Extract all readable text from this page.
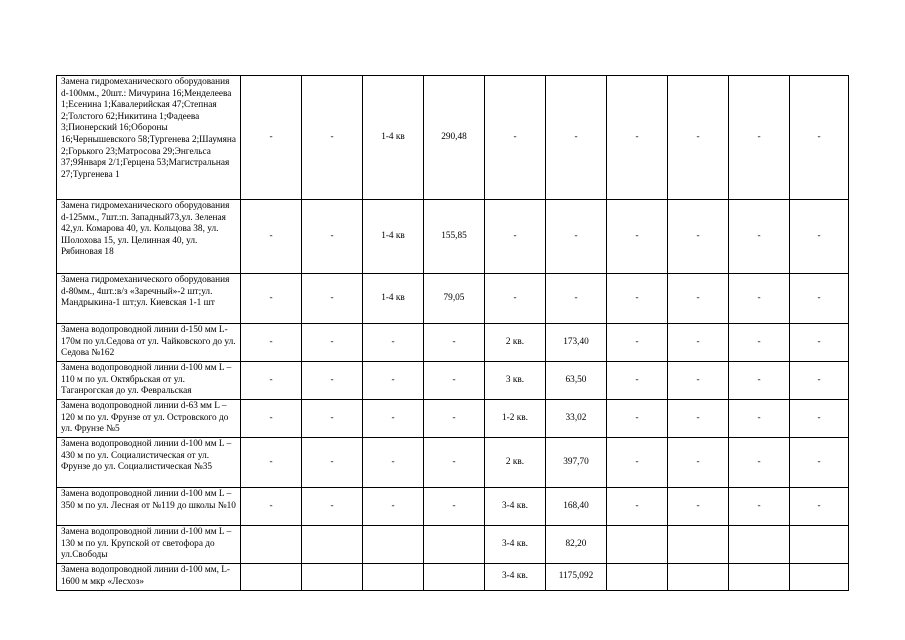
Замена гидромеханического оборудования d-100мм., 20шт.: Мичурина 16;Менделеева 1;Есенина 1;Кавалерийская 47;Степная 2;Толстого 62;Никитина 1;Фадеева 3;Пионерский 16;Обороны 16;Чернышевского 58;Тургенева 2;Шаумяна 2;Горького 23;Матросова 29;Энгельса 37;9Января 2/1;Герцена 53;Магистральная 27;Тургенева 1	-	-	1-4 кв	290,48	-	-	-	-	-	-
Замена гидромеханического оборудования d-125мм., 7шт.:п. Западный73,ул. Зеленая 42,ул. Комарова 40, ул. Кольцова 38, ул. Шолохова 15, ул. Целинная 40, ул. Рябиновая 18	-	-	1-4 кв	155,85	-	-	-	-	-	-
Замена гидромеханического оборудования d-80мм., 4шт.:в/з «Заречный»-2 шт;ул. Мандрыкина-1 шт;ул. Киевская 1-1 шт	-	-	1-4 кв	79,05	-	-	-	-	-	-
Замена водопроводной линии d-150 мм L-170м по ул.Седова от ул. Чайковского до ул. Седова №162	-	-	-	-	2 кв.	173,40	-	-	-	-
Замена водопроводной линии d-100 мм L – 110 м по ул. Октябрьская от ул. Таганрогская до ул. Февральская	-	-	-	-	3 кв.	63,50	-	-	-	-
Замена водопроводной линии d-63 мм L – 120 м по ул. Фрунзе от ул. Островского до ул. Фрунзе №5	-	-	-	-	1-2 кв.	33,02	-	-	-	-
Замена водопроводной линии d-100 мм L – 430 м по ул. Социалистическая от ул. Фрунзе до ул. Социалистическая №35	-	-	-	-	2 кв.	397,70	-	-	-	-
Замена водопроводной линии d-100 мм L – 350 м по ул. Лесная от №119 до школы №10	-	-	-	-	3-4 кв.	168,40	-	-	-	-
Замена водопроводной линии d-100 мм L – 130 м по ул. Крупской от светофора до ул.Свободы					3-4 кв.	82,20				
Замена водопроводной линии d-100 мм, L- 1600 м мкр «Лесхоз»					3-4 кв.	1175,092				
